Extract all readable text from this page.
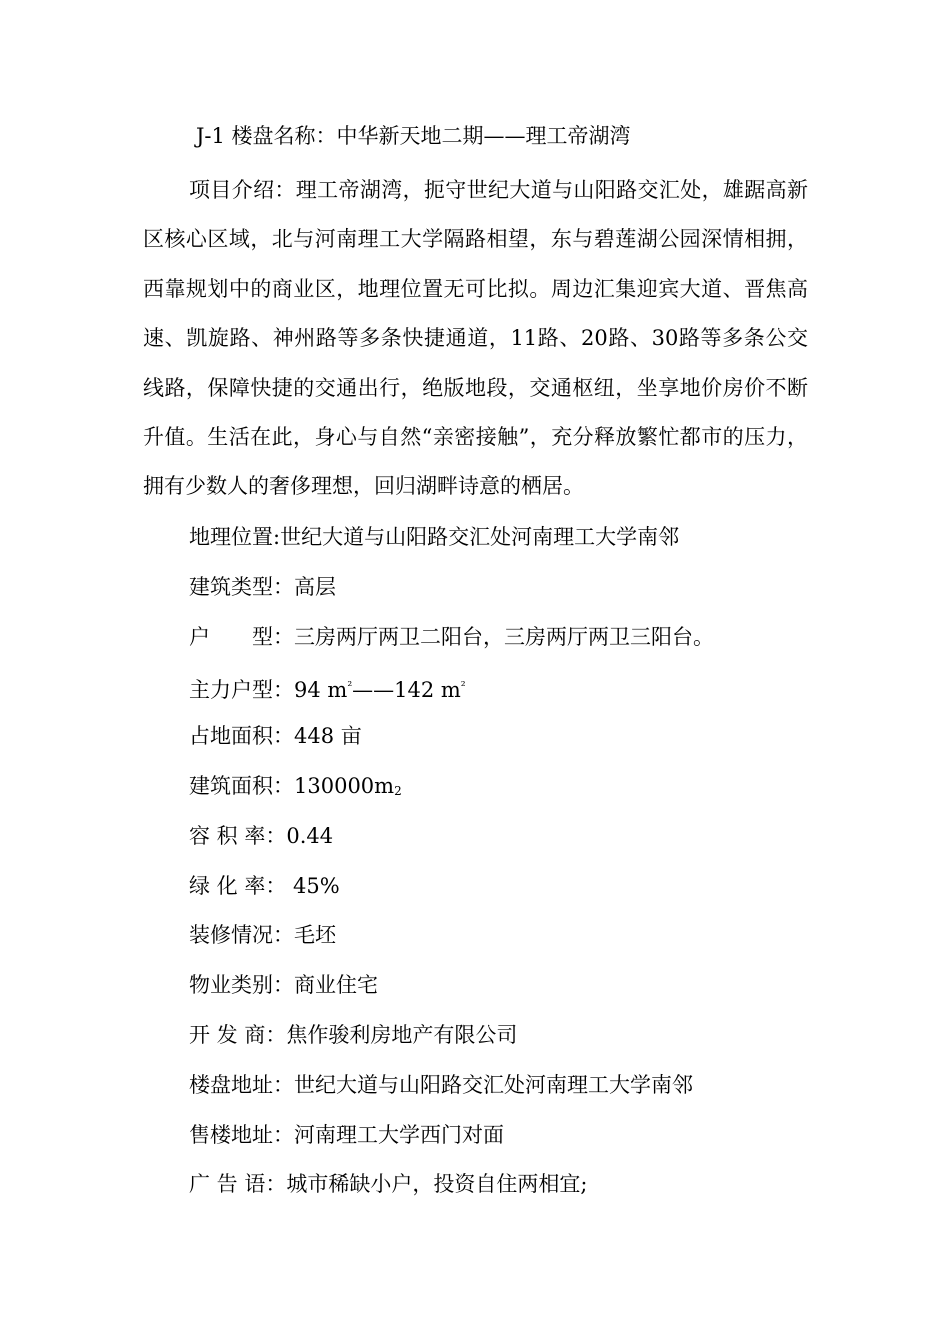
J-1 楼盘名称：中华新天地二期——理工帝湖湾

项目介绍：理工帝湖湾，扼守世纪大道与山阳路交汇处，雄踞高新区核心区域，北与河南理工大学隔路相望，东与碧莲湖公园深情相拥，西靠规划中的商业区，地理位置无可比拟。周边汇集迎宾大道、晋焦高速、凯旋路、神州路等多条快捷通道，11路、20路、30路等多条公交线路，保障快捷的交通出行，绝版地段，交通枢纽，坐享地价房价不断升值。生活在此，身心与自然“亲密接触”，充分释放繁忙都市的压力，拥有少数人的奢侈理想，回归湖畔诗意的栖居。

地理位置:世纪大道与山阳路交汇处河南理工大学南邻
建筑类型：高层
户　　型：三房两厅两卫二阳台，三房两厅两卫三阳台。
主力户型：94 $m^{^2}——142$ $m^{^2}$
占地面积：448 亩
建筑面积：130000m2
容 积 率：0.44
绿 化 率： 45%
装修情况：毛坯
物业类别：商业住宅
开 发 商：焦作骏利房地产有限公司
楼盘地址：世纪大道与山阳路交汇处河南理工大学南邻
售楼地址：河南理工大学西门对面
广 告 语：城市稀缺小户，投资自住两相宜;
